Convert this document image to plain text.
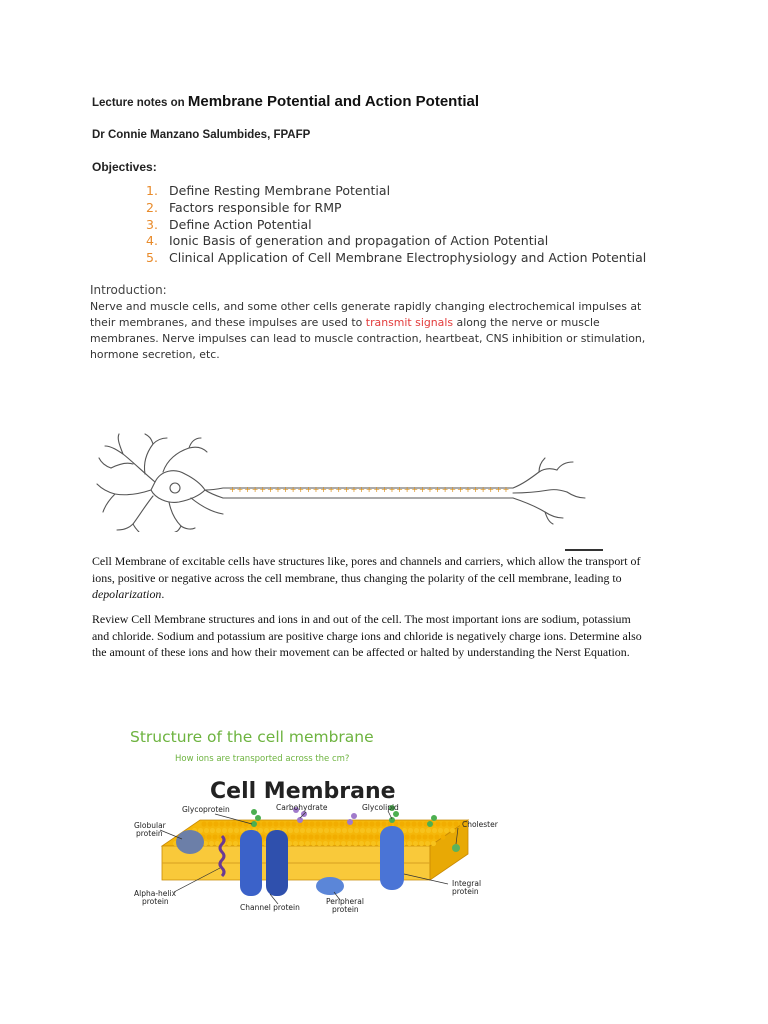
Lecture notes on Membrane Potential and Action Potential
Dr Connie Manzano Salumbides, FPAFP
Objectives:
1. Define Resting Membrane Potential
2. Factors responsible for RMP
3. Define Action Potential
4. Ionic Basis of generation and propagation of Action Potential
5. Clinical Application of Cell Membrane Electrophysiology and Action Potential
Introduction:
Nerve and muscle cells, and some other cells generate rapidly changing electrochemical impulses at
their membranes, and these impulses are used to transmit signals along the nerve or muscle
membranes. Nerve impulses can lead to muscle contraction, heartbeat, CNS inhibition or stimulation,
hormone secretion, etc.
+ + + + + + + + + + + + + + + + + + + + + + + + + + + + + + + + + + + + +
Cell Membrane of excitable cells have structures like, pores and channels and carriers, which allow the transport of
ions, positive or negative across the cell membrane, thus changing the polarity of the cell membrane, leading to
depolarization.
Review Cell Membrane structures and ions in and out of the cell. The most important ions are sodium, potassium
and chloride. Sodium and potassium are positive charge ions and chloride is negatively charge ions. Determine also
the amount of these ions and how their movement can be affected or halted by understanding the Nerst Equation.
Structure of the cell membrane
How ions are transported across the cm?
Cell Membrane
Glycoprotein	Carbohydrate	Glycolipid
Globular
protein
Cholester
Alpha-helix
protein
Channel protein
Peripheral
protein
Integral
protein
